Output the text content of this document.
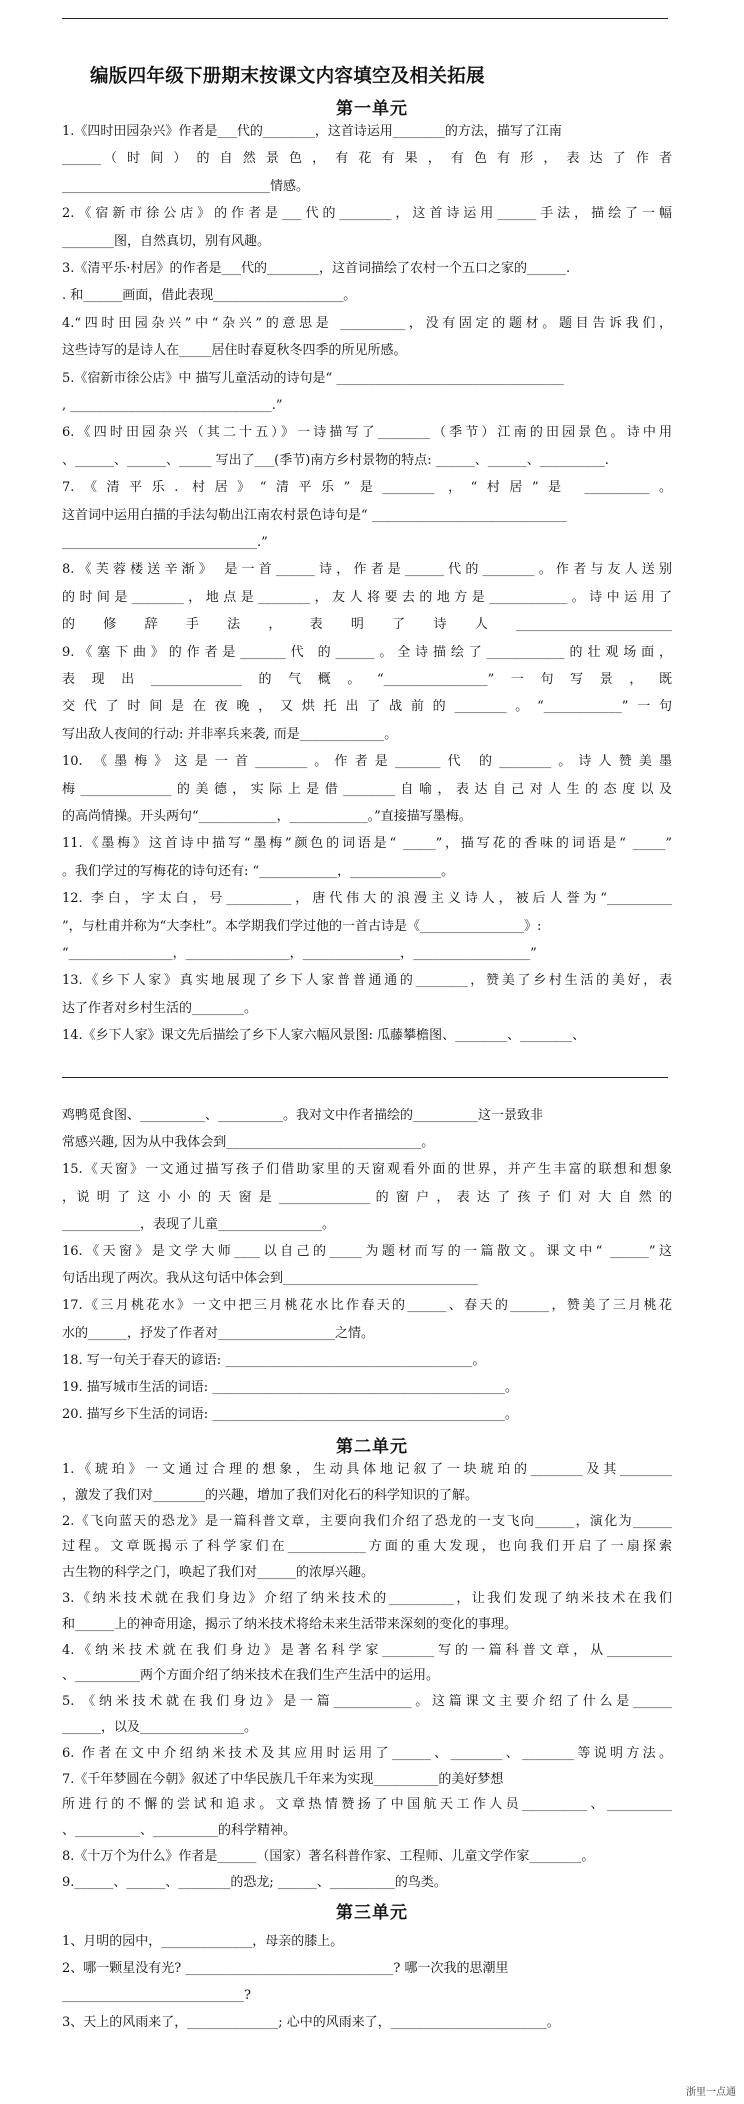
编版四年级下册期末按课文内容填空及相关拓展
第一单元
1.《四时田园杂兴》作者是___代的________，这首诗运用________的方法，描写了江南
______（ 时 间 ） 的 自 然 景 色 ， 有 花 有 果 ， 有 色 有 形 ， 表 达 了 作 者
________________________________情感。
2.《宿新市徐公店》的作者是___代的________，这首诗运用______手法，描绘了一幅
________图，自然真切，别有风趣。
3.《清平乐·村居》的作者是___代的________，这首词描绘了农村一个五口之家的______.
. 和______画面，借此表现____________________。
4.“四时田园杂兴”中“杂兴”的意思是 __________，没有固定的题材。题目告诉我们，
这些诗写的是诗人在_____居住时春夏秋冬四季的所见所感。
5.《宿新市徐公店》中 描写儿童活动的诗句是“ ___________________________________
, _______________________________.”
6.《四时田园杂兴（其二十五）》一诗描写了________（季节）江南的田园景色。诗中用
、______、______、_____ 写出了___(季节)南方乡村景物的特点: ______、______、__________.
7.《清平乐. 村居》“清平乐”是________ ，“村居”是 __________。
这首词中运用白描的手法勾勒出江南农村景色诗句是“ ______________________________
______________________________.”
8.《芙蓉楼送辛渐》 是一首______诗，作者是______代的________。作者与友人送别
的时间是________，地点是________，友人将要去的地方是____________。诗中运用了
的修辞手法，表明了诗人________________________
9.《塞下曲》的作者是_______代 的______。全诗描绘了____________的壮观场面，
表现出______________的气概。“________________”一句写景，既
交代了时间是在夜晚，又烘托出了战前的________。“____________”一句
写出敌人夜间的行动: 并非率兵来袭, 而是_____________。
10. 《墨梅》这是一首________。作者是_______代 的________。诗人赞美墨
梅______________的美德，实际上是借________自喻，表达自己对人生的态度以及
的高尚情操。开头两句“____________，____________。”直接描写墨梅。
11.《墨梅》这首诗中描写“墨梅”颜色的词语是“ _____”，描写花的香味的词语是“ _____”
。我们学过的写梅花的诗句还有: “____________，______________。
12. 李白，字太白，号__________，唐代伟大的浪漫主义诗人，被后人誉为“__________
”，与杜甫并称为“大李杜”。本学期我们学过他的一首古诗是《________________》:
“________________，________________，_______________，__________________”
13.《乡下人家》真实地展现了乡下人家普普通通的________，赞美了乡村生活的美好，表
达了作者对乡村生活的________。
14.《乡下人家》课文先后描绘了乡下人家六幅风景图: 瓜藤攀檐图、________、________、
鸡鸭觅食图、__________、__________。我对文中作者描绘的__________这一景致非
常感兴趣, 因为从中我体会到______________________________。
15.《天窗》一文通过描写孩子们借助家里的天窗观看外面的世界，并产生丰富的联想和想象
，说 明 了 这 小 小 的 天 窗 是 ______________ 的 窗 户 ， 表 达 了 孩 子 们 对 大 自 然 的
____________，表现了儿童________________。
16.《天窗》是文学大师____以自己的_____为题材而写的一篇散文。课文中“ ______”这
句话出现了两次。我从这句话中体会到______________________________
17.《三月桃花水》一文中把三月桃花水比作春天的______、春天的______，赞美了三月桃花
水的______，抒发了作者对__________________之情。
18. 写一句关于春天的谚语: ______________________________________。
19. 描写城市生活的词语: _____________________________________________。
20. 描写乡下生活的词语: _____________________________________________。
第二单元
1.《琥珀》一文通过合理的想象，生动具体地记叙了一块琥珀的________及其________
，激发了我们对________的兴趣，增加了我们对化石的科学知识的了解。
2.《飞向蓝天的恐龙》是一篇科普文章，主要向我们介绍了恐龙的一支飞向______，演化为______
过程。文章既揭示了科学家们在____________方面的重大发现，也向我们开启了一扇探索
古生物的科学之门，唤起了我们对______的浓厚兴趣。
3.《纳米技术就在我们身边》介绍了纳米技术的__________，让我们发现了纳米技术在我们
和______上的神奇用途，揭示了纳米技术将给未来生活带来深刻的变化的事理。
4.《纳米技术就在我们身边》是著名科学家________写的一篇科普文章，从__________
、__________两个方面介绍了纳米技术在我们生产生活中的运用。
5. 《纳米技术就在我们身边》是一篇____________。这篇课文主要介绍了什么是______
______，以及________________。
6. 作者在文中介绍纳米技术及其应用时运用了______、________、________等说明方法。
7.《千年梦圆在今朝》叙述了中华民族几千年来为实现__________的美好梦想
所进行的不懈的尝试和追求。文章热情赞扬了中国航天工作人员__________、__________
、__________、__________的科学精神。
8.《十万个为什么》作者是______（国家）著名科普作家、工程师、儿童文学作家________。
9.______、______、________的恐龙; ______、__________的鸟类。
第三单元
1、月明的园中，______________，母亲的膝上。
2、哪一颗星没有光? ________________________________? 哪一次我的思潮里
____________________________?
3、天上的风雨来了，______________; 心中的风雨来了，________________________。
浙里一点通
